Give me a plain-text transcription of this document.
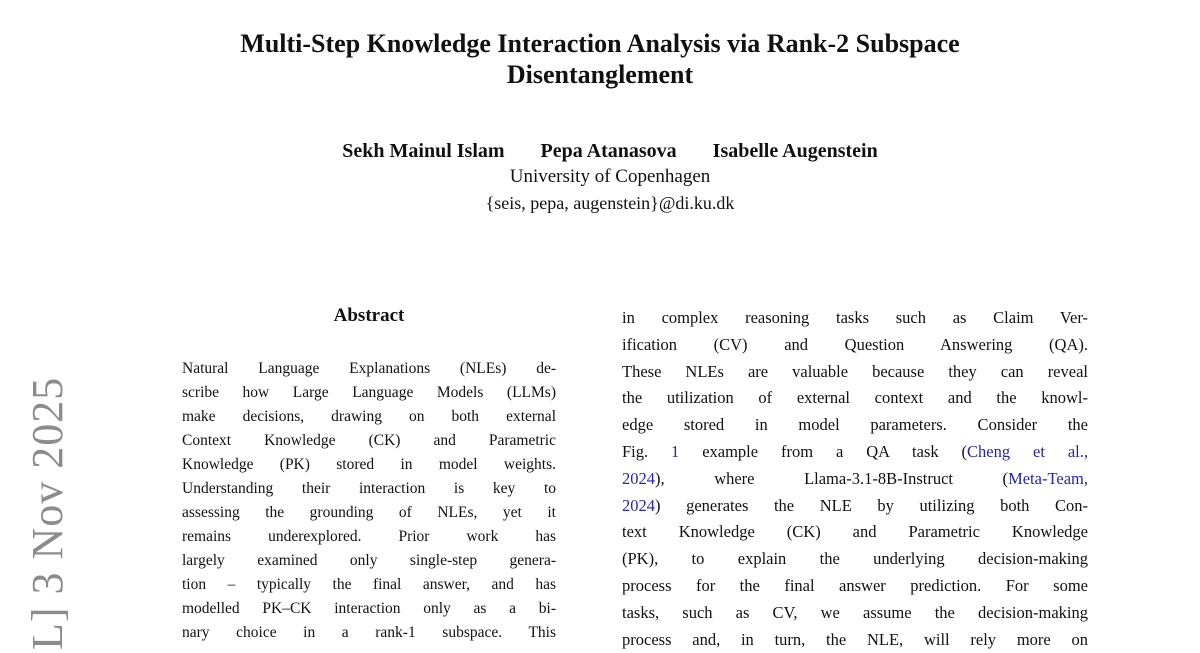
L] 3 Nov 2025
Multi-Step Knowledge Interaction Analysis via Rank-2 Subspace
Disentanglement
Sekh Mainul Islam Pepa Atanasova Isabelle Augenstein
University of Copenhagen
{seis, pepa, augenstein}@di.ku.dk
Abstract
Natural Language Explanations (NLEs) de-
scribe how Large Language Models (LLMs)
make decisions, drawing on both external
Context Knowledge (CK) and Parametric
Knowledge (PK) stored in model weights.
Understanding their interaction is key to
assessing the grounding of NLEs, yet it
remains underexplored. Prior work has
largely examined only single-step genera-
tion – typically the final answer, and has
modelled PK–CK interaction only as a bi-
nary choice in a rank-1 subspace. This
in complex reasoning tasks such as Claim Ver-
ification (CV) and Question Answering (QA).
These NLEs are valuable because they can reveal
the utilization of external context and the knowl-
edge stored in model parameters. Consider the
Fig. 1 example from a QA task (Cheng et al.,
2024), where Llama-3.1-8B-Instruct (Meta-Team,
2024) generates the NLE by utilizing both Con-
text Knowledge (CK) and Parametric Knowledge
(PK), to explain the underlying decision-making
process for the final answer prediction. For some
tasks, such as CV, we assume the decision-making
process and, in turn, the NLE, will rely more on
